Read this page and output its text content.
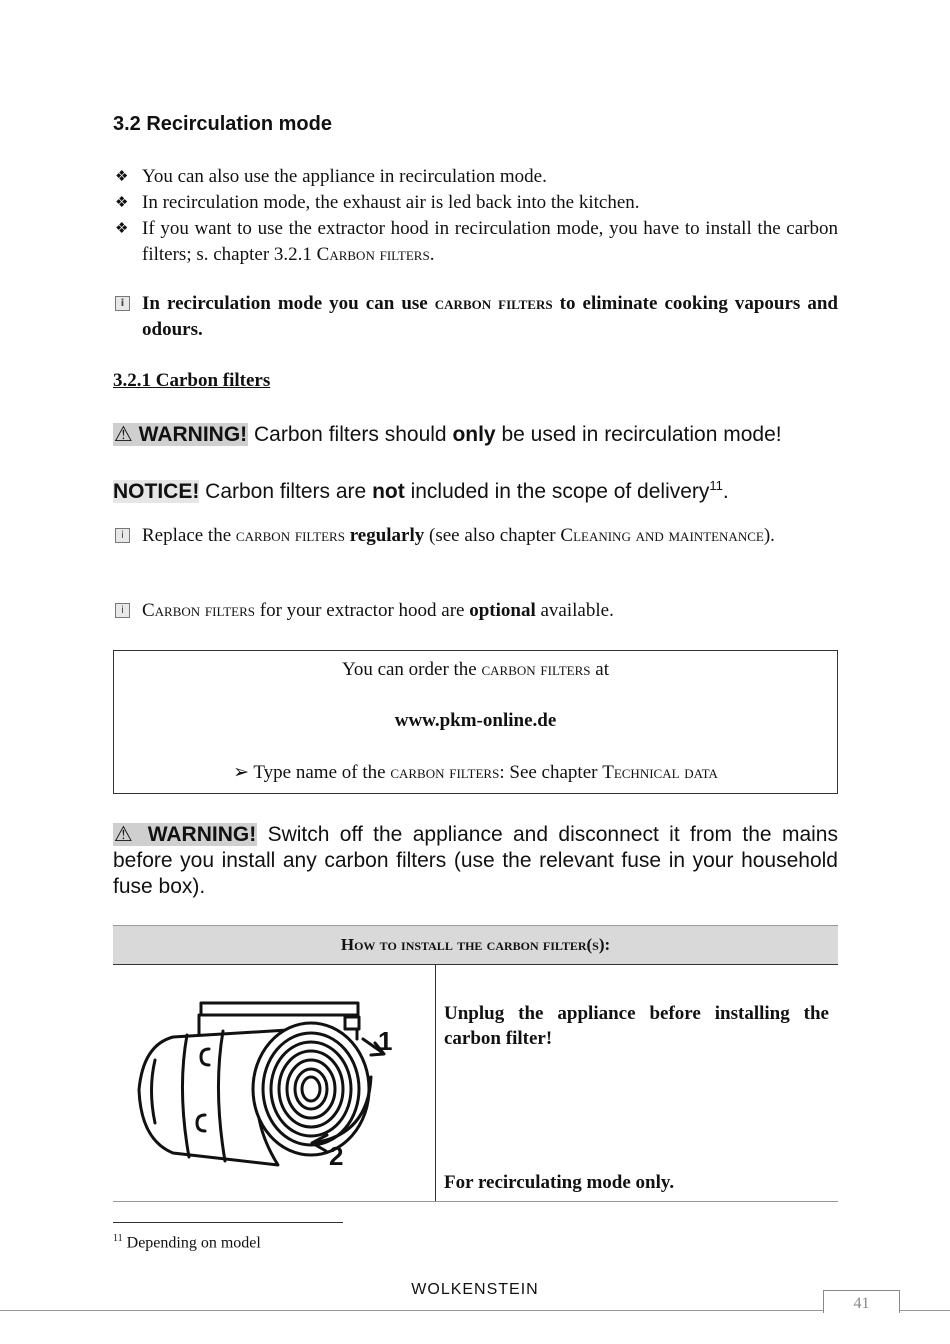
3.2 Recirculation mode
❖ You can also use the appliance in recirculation mode.
❖ In recirculation mode, the exhaust air is led back into the kitchen.
❖ If you want to use the extractor hood in recirculation mode, you have to install the carbon filters; s. chapter 3.2.1 Carbon filters.
i In recirculation mode you can use carbon filters to eliminate cooking vapours and odours.
3.2.1 Carbon filters
⚠ WARNING! Carbon filters should only be used in recirculation mode!
NOTICE! Carbon filters are not included in the scope of delivery$^{11}$.
i Replace the carbon filters regularly (see also chapter Cleaning and maintenance).
i Carbon filters for your extractor hood are optional available.
You can order the carbon filters at
www.pkm-online.de
➢ Type name of the carbon filters: See chapter Technical data
⚠ WARNING! Switch off the appliance and disconnect it from the mains before you install any carbon filters (use the relevant fuse in your household fuse box).
How to install the carbon filter(s):
1
2
Unplug the appliance before installing the carbon filter!
For recirculating mode only.
$^{11}$ Depending on model
WOLKENSTEIN
41
